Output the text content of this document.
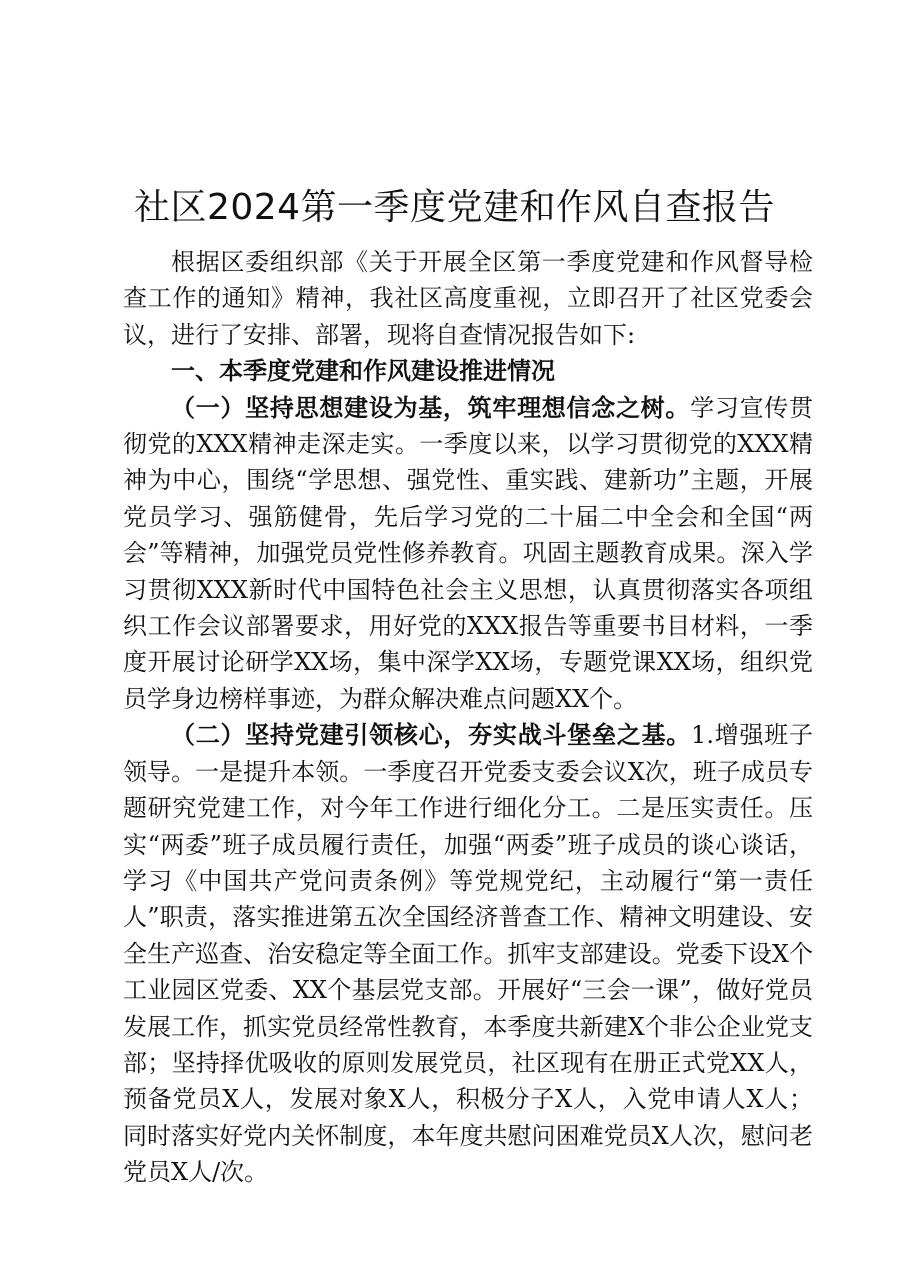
社区2024第一季度党建和作风自查报告

根据区委组织部《关于开展全区第一季度党建和作风督导检查工作的通知》精神，我社区高度重视，立即召开了社区党委会议，进行了安排、部署，现将自查情况报告如下:

一、本季度党建和作风建设推进情况

（一）坚持思想建设为基，筑牢理想信念之树。学习宣传贯彻党的XXX精神走深走实。一季度以来，以学习贯彻党的XXX精神为中心，围绕“学思想、强党性、重实践、建新功”主题，开展党员学习、强筋健骨，先后学习党的二十届二中全会和全国“两会”等精神，加强党员党性修养教育。巩固主题教育成果。深入学习贯彻XXX新时代中国特色社会主义思想，认真贯彻落实各项组织工作会议部署要求，用好党的XXX报告等重要书目材料，一季度开展讨论研学XX场，集中深学XX场，专题党课XX场，组织党员学身边榜样事迹，为群众解决难点问题XX个。

（二）坚持党建引领核心，夯实战斗堡垒之基。1.增强班子领导。一是提升本领。一季度召开党委支委会议X次，班子成员专题研究党建工作，对今年工作进行细化分工。二是压实责任。压实“两委”班子成员履行责任，加强“两委”班子成员的谈心谈话，学习《中国共产党问责条例》等党规党纪，主动履行“第一责任人”职责，落实推进第五次全国经济普查工作、精神文明建设、安全生产巡查、治安稳定等全面工作。抓牢支部建设。党委下设X个工业园区党委、XX个基层党支部。开展好“三会一课”，做好党员发展工作，抓实党员经常性教育，本季度共新建X个非公企业党支部；坚持择优吸收的原则发展党员，社区现有在册正式党XX人，预备党员X人，发展对象X人，积极分子X人，入党申请人X人；同时落实好党内关怀制度，本年度共慰问困难党员X人次，慰问老党员X人/次。
